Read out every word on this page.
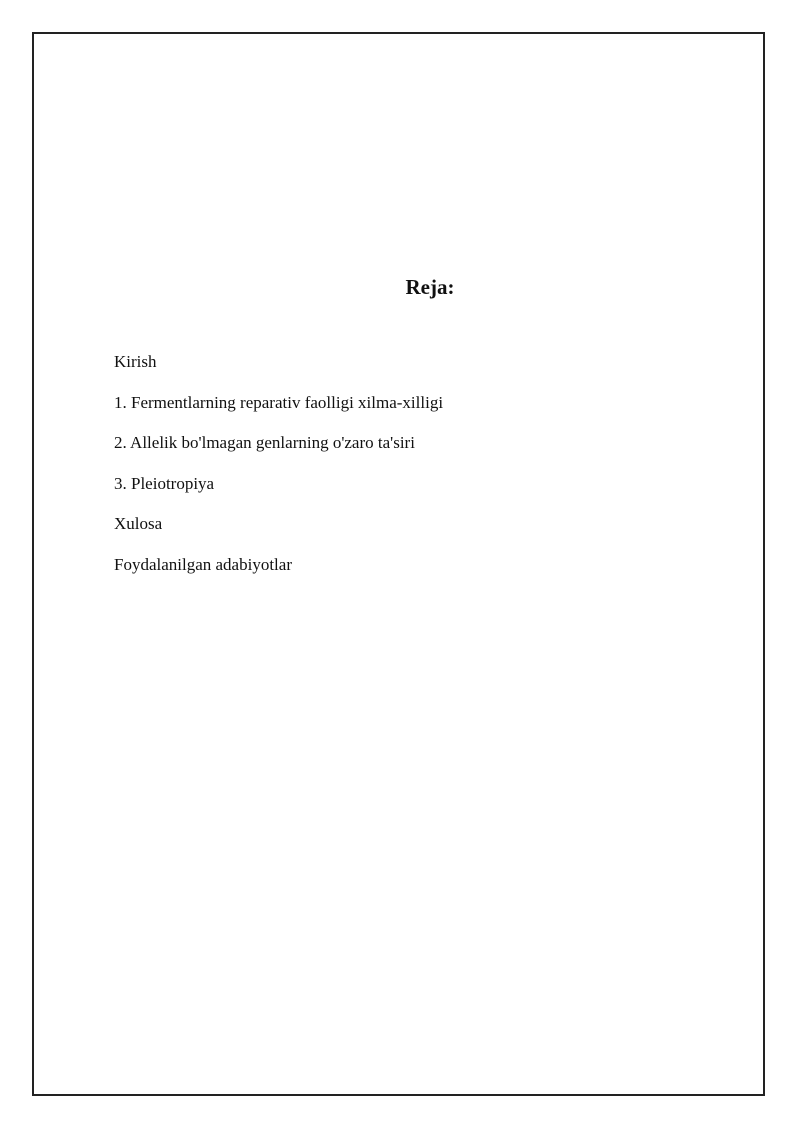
Reja:
Kirish
1. Fermentlarning reparativ faolligi xilma-xilligi
2. Allelik bo'lmagan genlarning o'zaro ta'siri
3. Pleiotropiya
Xulosa
Foydalanilgan adabiyotlar
